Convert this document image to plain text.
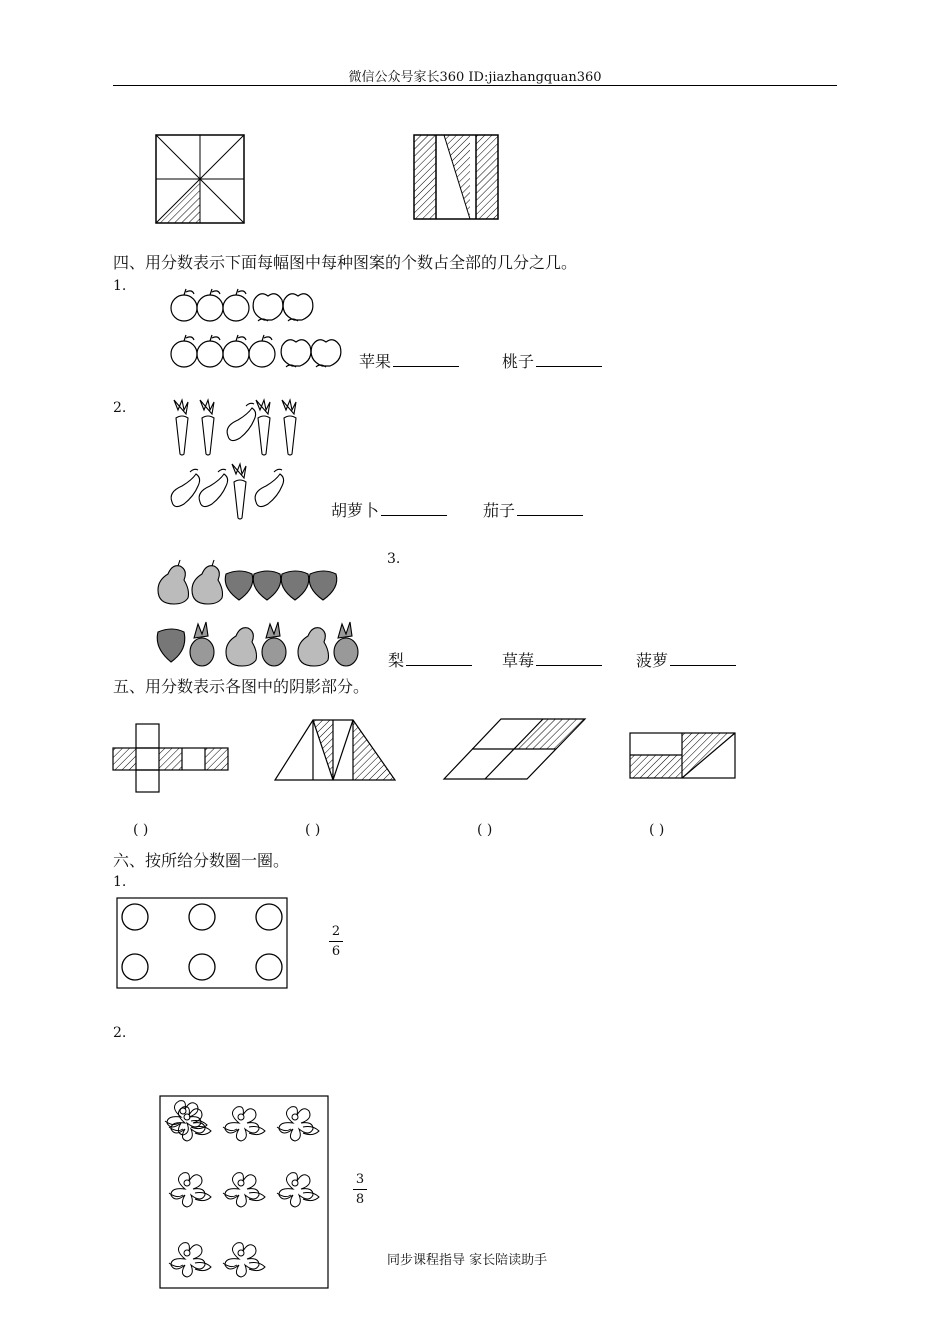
微信公众号家长360 ID:jiazhangquan360
四、用分数表示下面每幅图中每种图案的个数占全部的几分之几。
1.
苹果	桃子
2.
胡萝卜	茄子
3.
梨	草莓	菠萝
五、用分数表示各图中的阴影部分。
( )	( )	( )	( )
六、按所给分数圈一圈。
1.
2
6
2.
3
8
同步课程指导 家长陪读助手
